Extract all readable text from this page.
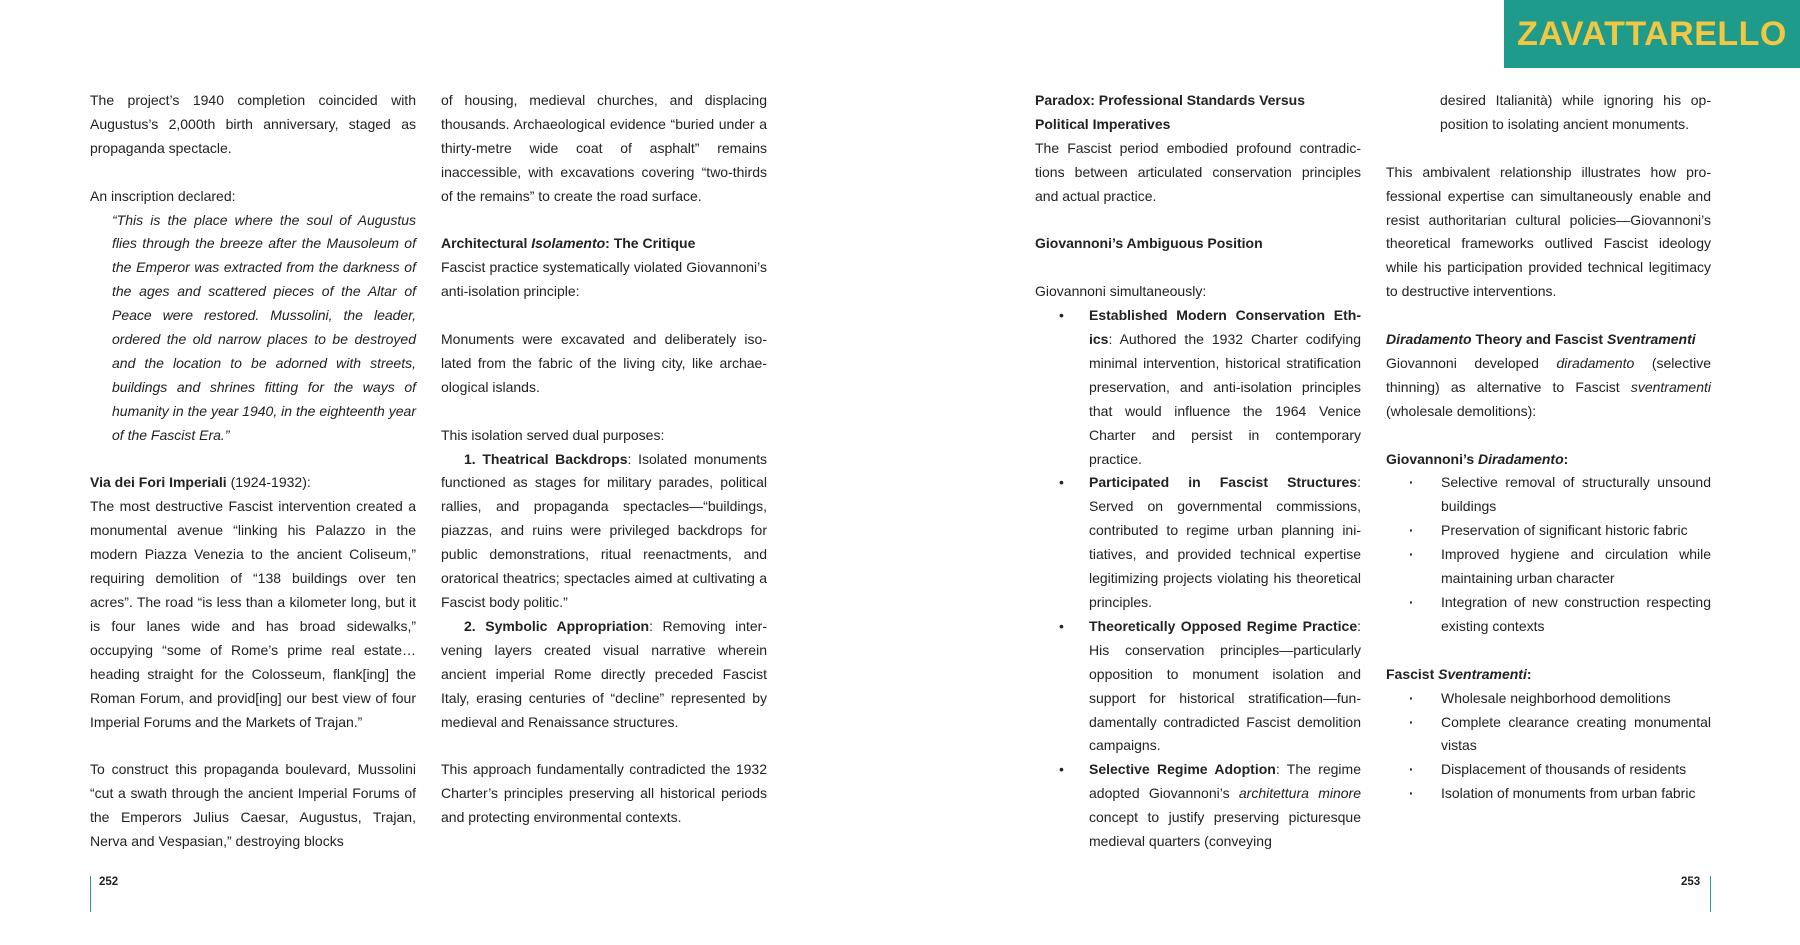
ZAVATTARELLO

The project’s 1940 completion coincided with Augustus’s 2,000th birth anniversary, staged as propaganda spectacle.

An inscription declared:

“This is the place where the soul of Augustus flies through the breeze after the Mausoleum of the Emperor was extracted from the darkness of the ages and scattered pieces of the Altar of Peace were restored. Mussolini, the leader, ordered the old narrow places to be destroyed and the location to be adorned with streets, buildings and shrines fitting for the ways of humanity in the year 1940, in the eighteenth year of the Fascist Era.”

Via dei Fori Imperiali (1924-1932):

The most destructive Fascist intervention created a monumental avenue “linking his Palazzo in the modern Piazza Venezia to the ancient Coliseum,” requiring demolition of “138 buildings over ten acres”. The road “is less than a kilometer long, but it is four lanes wide and has broad sidewalks,” occupying “some of Rome’s prime real estate… heading straight for the Colosseum, flank[ing] the Roman Forum, and provid[ing] our best view of four Imperial Forums and the Markets of Trajan.”

To construct this propaganda boulevard, Mussolini “cut a swath through the ancient Imperial Forums of the Emperors Julius Caesar, Augustus, Trajan, Nerva and Vespasian,” destroying blocks

of housing, medieval churches, and displacing thousands. Archaeological evidence “buried under a thirty-metre wide coat of asphalt” remains inaccessible, with excavations covering “two-thirds of the remains” to create the road surface.

Architectural Isolamento: The Critique

Fascist practice systematically violated Giovannoni’s anti-isolation principle:

Monuments were excavated and deliberately isolated from the fabric of the living city, like archaeological islands.

This isolation served dual purposes:

1. Theatrical Backdrops: Isolated monuments functioned as stages for military parades, political rallies, and propaganda spectacles—“buildings, piazzas, and ruins were privileged backdrops for public demonstrations, ritual reenactments, and oratorical theatrics; spectacles aimed at cultivating a Fascist body politic.”

2. Symbolic Appropriation: Removing intervening layers created visual narrative wherein ancient imperial Rome directly preceded Fascist Italy, erasing centuries of “decline” represented by medieval and Renaissance structures.

This approach fundamentally contradicted the 1932 Charter’s principles preserving all historical periods and protecting environmental contexts.

Paradox: Professional Standards Versus Political Imperatives

The Fascist period embodied profound contradictions between articulated conservation principles and actual practice.

Giovannoni’s Ambiguous Position

Giovannoni simultaneously:

• Established Modern Conservation Ethics: Authored the 1932 Charter codifying minimal intervention, historical stratification preservation, and anti-isolation principles that would influence the 1964 Venice Charter and persist in contemporary practice.
• Participated in Fascist Structures: Served on governmental commissions, contributed to regime urban planning initiatives, and provided technical expertise legitimizing projects violating his theoretical principles.
• Theoretically Opposed Regime Practice: His conservation principles—particularly opposition to monument isolation and support for historical stratification—fundamentally contradicted Fascist demolition campaigns.
• Selective Regime Adoption: The regime adopted Giovannoni’s architettura minore concept to justify preserving picturesque medieval quarters (conveying

desired Italianità) while ignoring his opposition to isolating ancient monuments.

This ambivalent relationship illustrates how professional expertise can simultaneously enable and resist authoritarian cultural policies—Giovannoni’s theoretical frameworks outlived Fascist ideology while his participation provided technical legitimacy to destructive interventions.

Diradamento Theory and Fascist Sventramenti

Giovannoni developed diradamento (selective thinning) as alternative to Fascist sventramenti (wholesale demolitions):

Giovannoni’s Diradamento:

· Selective removal of structurally unsound buildings
· Preservation of significant historic fabric
· Improved hygiene and circulation while maintaining urban character
· Integration of new construction respecting existing contexts

Fascist Sventramenti:

· Wholesale neighborhood demolitions
· Complete clearance creating monumental vistas
· Displacement of thousands of residents
· Isolation of monuments from urban fabric
252	253
